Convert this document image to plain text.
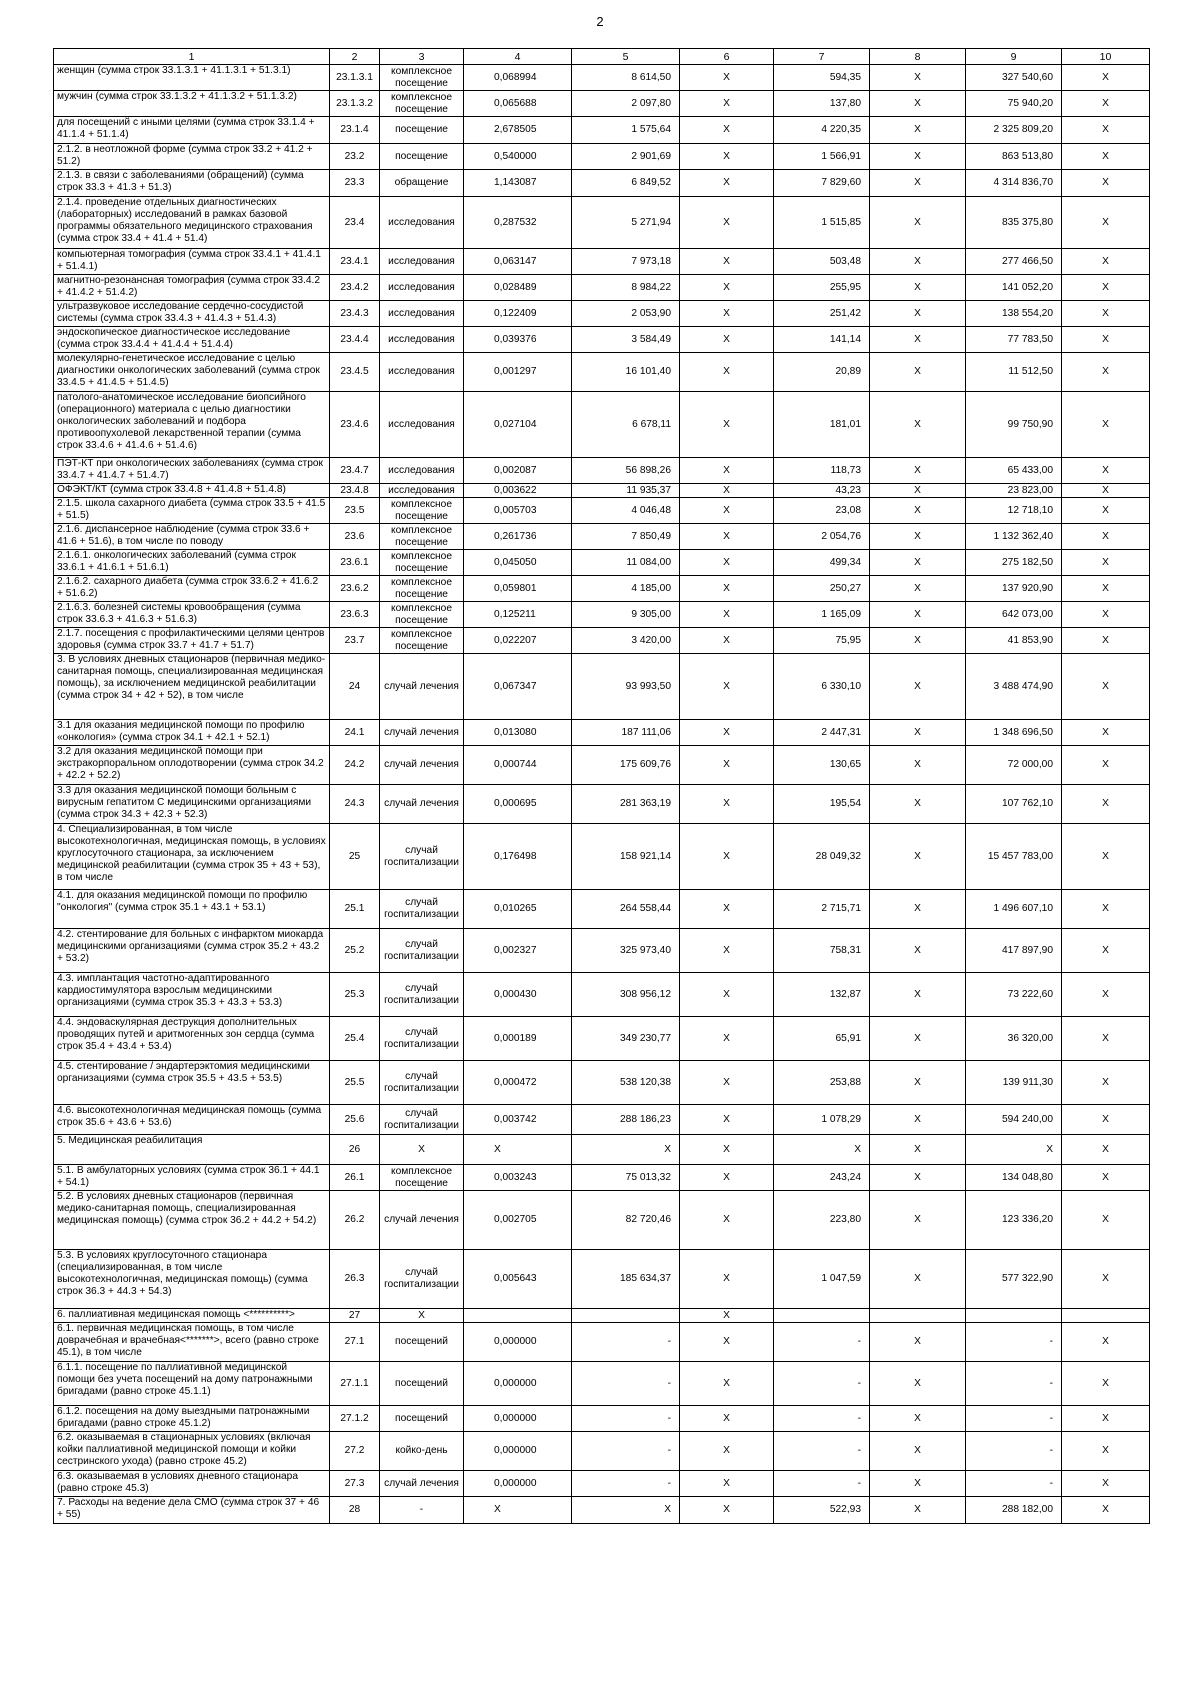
2
1	2	3	4	5	6	7	8	9	10
женщин (сумма строк 33.1.3.1 + 41.1.3.1 + 51.3.1)	23.1.3.1	комплексное посещение	0,068994	8 614,50	X	594,35	X	327 540,60	X
мужчин (сумма строк 33.1.3.2 + 41.1.3.2 + 51.1.3.2)	23.1.3.2	комплексное посещение	0,065688	2 097,80	X	137,80	X	75 940,20	X
для посещений с иными целями (сумма строк 33.1.4 + 41.1.4 + 51.1.4)	23.1.4	посещение	2,678505	1 575,64	X	4 220,35	X	2 325 809,20	X
2.1.2. в неотложной форме (сумма строк 33.2 + 41.2 + 51.2)	23.2	посещение	0,540000	2 901,69	X	1 566,91	X	863 513,80	X
2.1.3. в связи с заболеваниями (обращений) (сумма строк 33.3 + 41.3 + 51.3)	23.3	обращение	1,143087	6 849,52	X	7 829,60	X	4 314 836,70	X
2.1.4. проведение отдельных диагностических (лабораторных) исследований в рамках базовой программы обязательного медицинского страхования (сумма строк 33.4 + 41.4 + 51.4)	23.4	исследования	0,287532	5 271,94	X	1 515,85	X	835 375,80	X
компьютерная томография (сумма строк 33.4.1 + 41.4.1 + 51.4.1)	23.4.1	исследования	0,063147	7 973,18	X	503,48	X	277 466,50	X
магнитно-резонансная томография (сумма строк 33.4.2 + 41.4.2 + 51.4.2)	23.4.2	исследования	0,028489	8 984,22	X	255,95	X	141 052,20	X
ультразвуковое исследование сердечно-сосудистой системы (сумма строк 33.4.3 + 41.4.3 + 51.4.3)	23.4.3	исследования	0,122409	2 053,90	X	251,42	X	138 554,20	X
эндоскопическое диагностическое исследование (сумма строк 33.4.4 + 41.4.4 + 51.4.4)	23.4.4	исследования	0,039376	3 584,49	X	141,14	X	77 783,50	X
молекулярно-генетическое исследование с целью диагностики онкологических заболеваний (сумма строк 33.4.5 + 41.4.5 + 51.4.5)	23.4.5	исследования	0,001297	16 101,40	X	20,89	X	11 512,50	X
патолого-анатомическое исследование биопсийного (операционного) материала с целью диагностики онкологических заболеваний и подбора противоопухолевой лекарственной терапии (сумма строк 33.4.6 + 41.4.6 + 51.4.6)	23.4.6	исследования	0,027104	6 678,11	X	181,01	X	99 750,90	X
ПЭТ-КТ при онкологических заболеваниях (сумма строк 33.4.7 + 41.4.7 + 51.4.7)	23.4.7	исследования	0,002087	56 898,26	X	118,73	X	65 433,00	X
ОФЭКТ/КТ (сумма строк 33.4.8 + 41.4.8 + 51.4.8)	23.4.8	исследования	0,003622	11 935,37	X	43,23	X	23 823,00	X
2.1.5. школа сахарного диабета (сумма строк 33.5 + 41.5 + 51.5)	23.5	комплексное посещение	0,005703	4 046,48	X	23,08	X	12 718,10	X
2.1.6. диспансерное наблюдение (сумма строк 33.6 + 41.6 + 51.6), в том числе по поводу	23.6	комплексное посещение	0,261736	7 850,49	X	2 054,76	X	1 132 362,40	X
2.1.6.1. онкологических заболеваний (сумма строк 33.6.1 + 41.6.1 + 51.6.1)	23.6.1	комплексное посещение	0,045050	11 084,00	X	499,34	X	275 182,50	X
2.1.6.2. сахарного диабета (сумма строк 33.6.2 + 41.6.2 + 51.6.2)	23.6.2	комплексное посещение	0,059801	4 185,00	X	250,27	X	137 920,90	X
2.1.6.3. болезней системы кровообращения (сумма строк 33.6.3 + 41.6.3 + 51.6.3)	23.6.3	комплексное посещение	0,125211	9 305,00	X	1 165,09	X	642 073,00	X
2.1.7. посещения с профилактическими целями центров здоровья (сумма строк 33.7 + 41.7 + 51.7)	23.7	комплексное посещение	0,022207	3 420,00	X	75,95	X	41 853,90	X
3. В условиях дневных стационаров (первичная медико-санитарная помощь, специализированная медицинская помощь), за исключением медицинской реабилитации (сумма строк 34 + 42 + 52), в том числе	24	случай лечения	0,067347	93 993,50	X	6 330,10	X	3 488 474,90	X
3.1 для оказания медицинской помощи по профилю «онкология» (сумма строк 34.1 + 42.1 + 52.1)	24.1	случай лечения	0,013080	187 111,06	X	2 447,31	X	1 348 696,50	X
3.2 для оказания медицинской помощи при экстракорпоральном оплодотворении (сумма строк 34.2 + 42.2 + 52.2)	24.2	случай лечения	0,000744	175 609,76	X	130,65	X	72 000,00	X
3.3 для оказания медицинской помощи больным с вирусным гепатитом С медицинскими организациями (сумма строк 34.3 + 42.3 + 52.3)	24.3	случай лечения	0,000695	281 363,19	X	195,54	X	107 762,10	X
4. Специализированная, в том числе высокотехнологичная, медицинская помощь, в условиях круглосуточного стационара, за исключением медицинской реабилитации (сумма строк 35 + 43 + 53), в том числе	25	случай госпитализации	0,176498	158 921,14	X	28 049,32	X	15 457 783,00	X
4.1. для оказания медицинской помощи по профилю "онкология" (сумма строк 35.1 + 43.1 + 53.1)	25.1	случай госпитализации	0,010265	264 558,44	X	2 715,71	X	1 496 607,10	X
4.2. стентирование для больных с инфарктом миокарда медицинскими организациями (сумма строк 35.2 + 43.2 + 53.2)	25.2	случай госпитализации	0,002327	325 973,40	X	758,31	X	417 897,90	X
4.3. имплантация частотно-адаптированного кардиостимулятора взрослым медицинскими организациями (сумма строк 35.3 + 43.3 + 53.3)	25.3	случай госпитализации	0,000430	308 956,12	X	132,87	X	73 222,60	X
4.4. эндоваскулярная деструкция дополнительных проводящих путей и аритмогенных зон сердца (сумма строк 35.4 + 43.4 + 53.4)	25.4	случай госпитализации	0,000189	349 230,77	X	65,91	X	36 320,00	X
4.5. стентирование / эндартерэктомия медицинскими организациями (сумма строк 35.5 + 43.5 + 53.5)	25.5	случай госпитализации	0,000472	538 120,38	X	253,88	X	139 911,30	X
4.6. высокотехнологичная медицинская помощь (сумма строк 35.6 + 43.6 + 53.6)	25.6	случай госпитализации	0,003742	288 186,23	X	1 078,29	X	594 240,00	X
5. Медицинская реабилитация	26	X	X	X	X	X	X	X	X
5.1. В амбулаторных условиях (сумма строк 36.1 + 44.1 + 54.1)	26.1	комплексное посещение	0,003243	75 013,32	X	243,24	X	134 048,80	X
5.2. В условиях дневных стационаров (первичная медико-санитарная помощь, специализированная медицинская помощь) (сумма строк 36.2 + 44.2 + 54.2)	26.2	случай лечения	0,002705	82 720,46	X	223,80	X	123 336,20	X
5.3. В условиях круглосуточного стационара (специализированная, в том числе высокотехнологичная, медицинская помощь) (сумма строк 36.3 + 44.3 + 54.3)	26.3	случай госпитализации	0,005643	185 634,37	X	1 047,59	X	577 322,90	X
6. паллиативная медицинская помощь <**********>	27	X			X				
6.1. первичная медицинская помощь, в том числе доврачебная и врачебная<*******>, всего (равно строке 45.1), в том числе	27.1	посещений	0,000000	-	X	-	X	-	X
6.1.1. посещение по паллиативной медицинской помощи без учета посещений на дому патронажными бригадами (равно строке 45.1.1)	27.1.1	посещений	0,000000	-	X	-	X	-	X
6.1.2. посещения на дому выездными патронажными бригадами (равно строке 45.1.2)	27.1.2	посещений	0,000000	-	X	-	X	-	X
6.2. оказываемая в стационарных условиях (включая койки паллиативной медицинской помощи и койки сестринского ухода) (равно строке 45.2)	27.2	койко-день	0,000000	-	X	-	X	-	X
6.3. оказываемая в условиях дневного стационара (равно строке 45.3)	27.3	случай лечения	0,000000	-	X	-	X	-	X
7. Расходы на ведение дела СМО (сумма строк 37 + 46 + 55)	28	-	X	X	X	522,93	X	288 182,00	X
